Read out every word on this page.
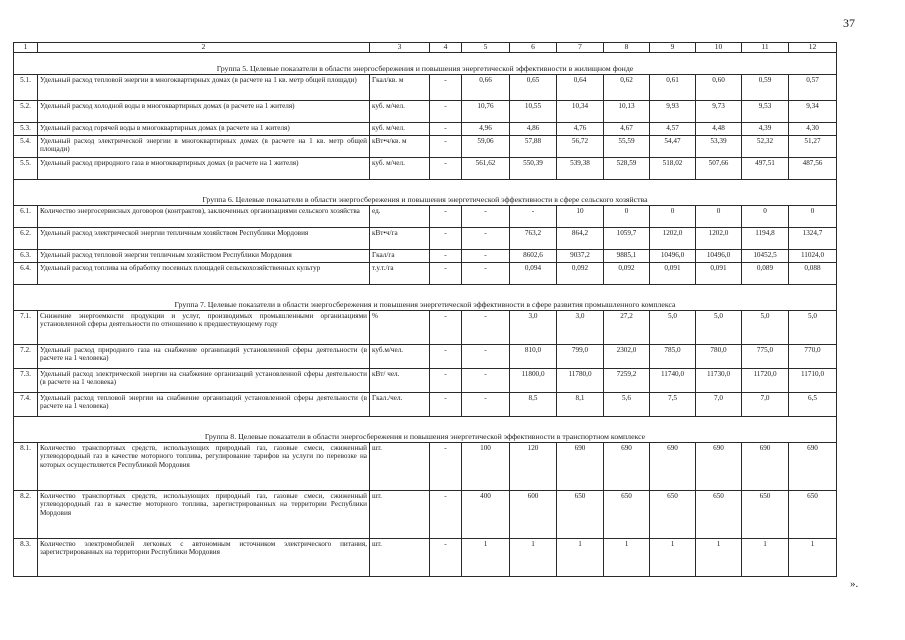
37
1	2	3	4	5	6	7	8	9	10	11	12
Группа 5. Целевые показатели в области энергосбережения и повышения энергетической эффективности в жилищном фонде											
5.1.	Удельный расход тепловой энергии в многоквартирных домах (в расчете на 1 кв. метр общей площади)	Гкал/кв. м	-	0,66	0,65	0,64	0,62	0,61	0,60	0,59	0,57
5.2.	Удельный расход холодной воды в многоквартирных домах (в расчете на 1 жителя)	куб. м/чел.	-	10,76	10,55	10,34	10,13	9,93	9,73	9,53	9,34
5.3.	Удельный расход горячей воды в многоквартирных домах (в расчете на 1 жителя)	куб. м/чел.	-	4,96	4,86	4,76	4,67	4,57	4,48	4,39	4,30
5.4.	Удельный расход электрической энергии в многоквартирных домах (в расчете на 1 кв. метр общей площади)	кВт•ч/кв. м	-	59,06	57,88	56,72	55,59	54,47	53,39	52,32	51,27
5.5.	Удельный расход природного газа в многоквартирных домах (в расчете на 1 жителя)	куб. м/чел.	-	561,62	550,39	539,38	528,59	518,02	507,66	497,51	487,56
Группа 6. Целевые показатели в области энергосбережения и повышения энергетической эффективности в сфере сельского хозяйства											
6.1.	Количество энергосервисных договоров (контрактов), заключенных организациями сельского хозяйства	ед.	-	-	-	10	0	0	0	0	0
6.2.	Удельный расход электрической энергии тепличным хозяйством Республики Мордовия	кВт•ч/га	-	-	763,2	864,2	1059,7	1202,0	1202,0	1194,8	1324,7
6.3.	Удельный расход тепловой энергии тепличным хозяйством Республики Мордовия	Гкал/га	-	-	8602,6	9037,2	9885,1	10496,0	10496,0	10452,5	11024,0
6.4.	Удельный расход топлива на обработку посевных площадей сельскохозяйственных культур	т.у.т./га	-	-	0,094	0,092	0,092	0,091	0,091	0,089	0,088
Группа 7. Целевые показатели в области энергосбережения и повышения энергетической эффективности в сфере развития промышленного комплекса											
7.1.	Снижение энергоемкости продукции и услуг, производимых промышленными организациями установленной сферы деятельности по отношению к предшествующему году	%	-	-	3,0	3,0	27,2	5,0	5,0	5,0	5,0
7.2.	Удельный расход природного газа на снабжение организаций установленной сферы деятельности (в расчете на 1 человека)	куб.м/чел.	-	-	810,0	799,0	2302,0	785,0	780,0	775,0	770,0
7.3.	Удельный расход электрической энергии на снабжение организаций установленной сферы деятельности (в расчете на 1 человека)	кВт/ чел.	-	-	11800,0	11780,0	7259,2	11740,0	11730,0	11720,0	11710,0
7.4.	Удельный расход тепловой энергии на снабжение организаций установленной сферы деятельности (в расчете на 1 человека)	Гкал./чел.	-	-	8,5	8,1	5,6	7,5	7,0	7,0	6,5
Группа 8. Целевые показатели в области энергосбережения и повышения энергетической эффективности в транспортном комплексе											
8.1.	Количество транспортных средств, использующих природный газ, газовые смеси, сжиженный углеводородный газ в качестве моторного топлива, регулирование тарифов на услуги по перевозке на которых осуществляется Республикой Мордовия	шт.	-	100	120	690	690	690	690	690	690
8.2.	Количество транспортных средств, использующих природный газ, газовые смеси, сжиженный углеводородный газ в качестве моторного топлива, зарегистрированных на территории Республики Мордовия	шт.	-	400	600	650	650	650	650	650	650
8.3.	Количество электромобилей легковых с автономным источником электрического питания, зарегистрированных на территории Республики Мордовия	шт.	-	1	1	1	1	1	1	1	1
».
